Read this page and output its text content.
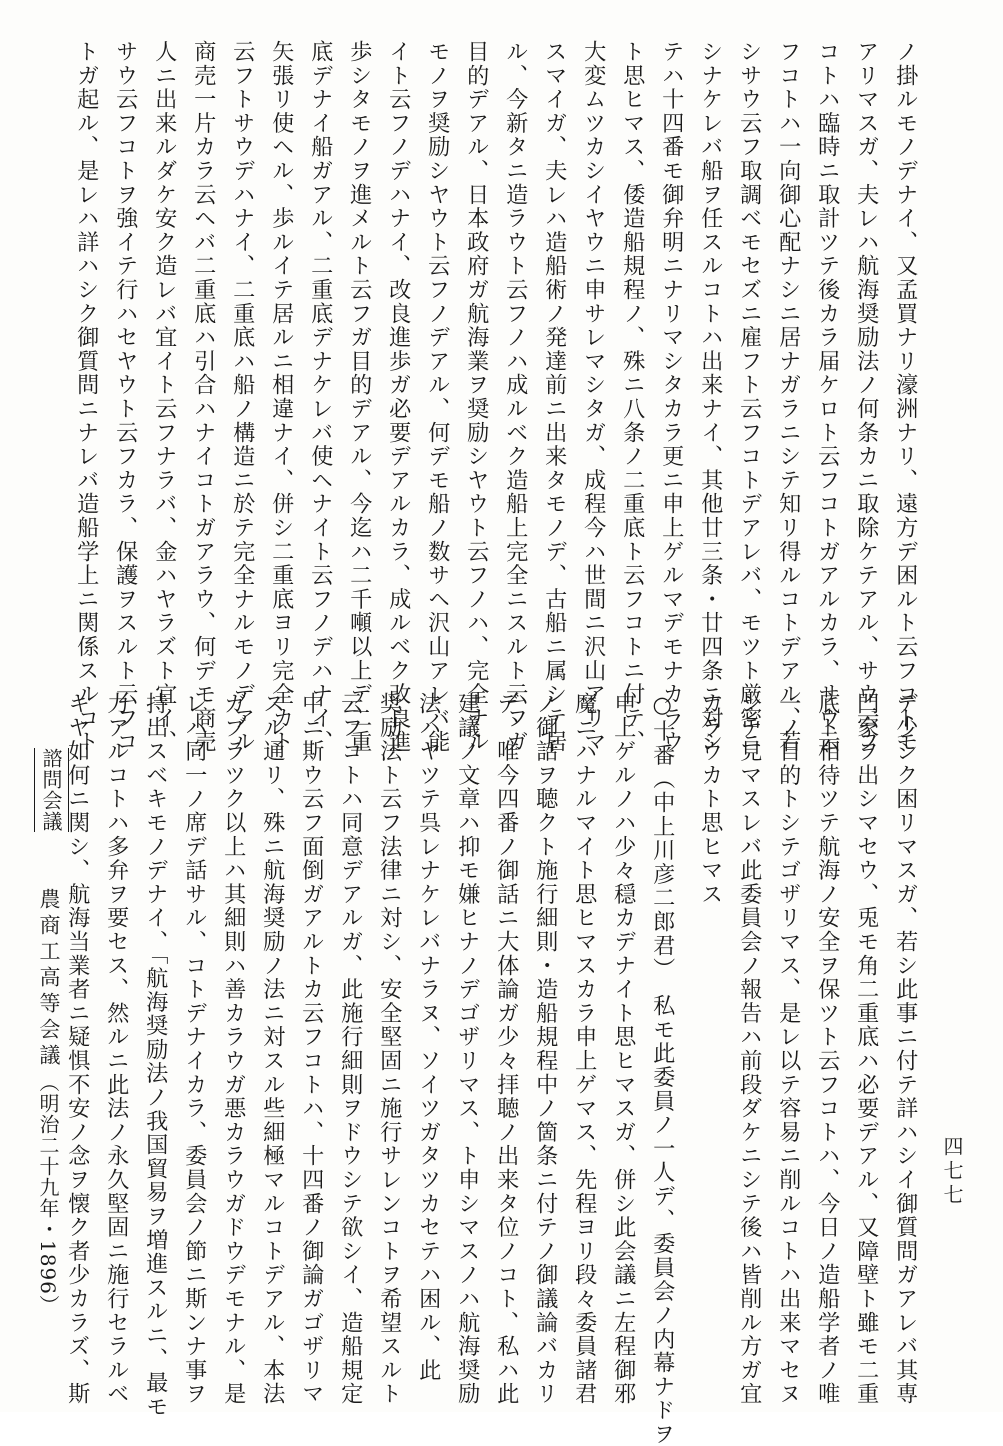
ノ掛ルモノデナイ、又孟買ナリ濠洲ナリ、遠方デ困ルト云フコトモ
アリマスガ、夫レハ航海奨励法ノ何条カニ取除ケテアル、サウ云フ
コトハ臨時ニ取計ツテ後カラ届ケロト云フコトガアルカラ、サウ云
フコトハ一向御心配ナシニ居ナガラニシテ知リ得ルコトデアル、若
シサウ云フ取調ベモセズニ雇フト云フコトデアレバ、モツト厳密ニ
シナケレバ船ヲ任スルコトハ出来ナイ、其他廿三条・廿四条ニ対シ
テハ十四番モ御弁明ニナリマシタカラ更ニ申上ゲルマデモナカラウ
ト思ヒマス、倭造船規程ノ、殊ニ八条ノ二重底ト云フコトニ付テ、
大変ムツカシイヤウニ申サレマシタガ、成程今ハ世間ニ沢山アリマ
スマイガ、夫レハ造船術ノ発達前ニ出来タモノデ、古船ニ属シテ居
ル、今新タニ造ラウト云フノハ成ルベク造船上完全ニスルト云フガ
目的デアル、日本政府ガ航海業ヲ奨励シヤウト云フノハ、完全ナル
モノヲ奨励シヤウト云フノデアル、何デモ船ノ数サヘ沢山アレバ能
イト云フノデハナイ、改良進歩ガ必要デアルカラ、成ルベク改良進
歩シタモノヲ進メルト云フガ目的デアル、今迄ハ二千噸以上デ二重
底デナイ船ガアル、二重底デナケレバ使ヘナイト云フノデハナイ、
矢張リ使ヘル、歩ルイテ居ルニ相違ナイ、併シ二重底ヨリ完全カト
云フトサウデハナイ、二重底ハ船ノ構造ニ於テ完全ナルモノデアル
商売一片カラ云ヘバ二重底ハ引合ハナイコトガアラウ、何デモ商売
人ニ出来ルダケ安ク造レバ宜イト云フナラバ、金ハヤラズト宜イ、
サウ云フコトヲ強イテ行ハセヤウト云フカラ、保護ヲスルト云フコ
トガ起ル、是レハ詳ハシク御質問ニナレバ造船学上ニ関係スルコト
デ少シク困リマスガ、若シ此事ニ付テ詳ハシイ御質問ガアレバ其専
門家ヲ出シマセウ、兎モ角二重底ハ必要デアル、又障壁ト雖モ二重
底ト相待ツテ航海ノ安全ヲ保ツト云フコトハ、今日ノ造船学者ノ唯
一ノ目的トシテゴザリマス、是レ以テ容易ニ削ルコトハ出来マセヌ
シテ見マスレバ此委員会ノ報告ハ前段ダケニシテ後ハ皆削ル方ガ宜
カラウカト思ヒマス
○十番（中上川彦二郎君）　私モ此委員ノ一人デ、委員会ノ内幕ナドヲ
申上ゲルノハ少々穏カデナイト思ヒマスガ、併シ此会議ニ左程御邪
魔ニハナルマイト思ヒマスカラ申上ゲマス、先程ヨリ段々委員諸君
ノ御話ヲ聴クト施行細則・造船規程中ノ箇条ニ付テノ御議論バカリ
デ、唯今四番ノ御話ニ大体論ガ少々拝聴ノ出来タ位ノコト、私ハ此
建議ノ文章ハ抑モ嫌ヒナノデゴザリマス、ト申シマスノハ航海奨励
法ハヤツテ呉レナケレバナラヌ、ソイツガタツカセテハ困ル、此
奨励法ト云フ法律ニ対シ、安全堅固ニ施行サレンコトヲ希望スルト
云フコトハ同意デアルガ、此施行細則ヲドウシテ欲シイ、造船規定
中ニ斯ウ云フ面倒ガアルトカ云フコトハ、十四番ノ御論ガゴザリマ
スル通リ、殊ニ航海奨励ノ法ニ対スル些細極マルコトデアル、本法
ガブラツク以上ハ其細則ハ善カラウガ悪カラウガドウデモナル、是
レハ同一ノ席デ話サル、コトデナイカラ、委員会ノ節ニ斯ンナ事ヲ
持出スベキモノデナイ、「航海奨励法ノ我国貿易ヲ増進スルニ、最モ
力アルコトハ多弁ヲ要セス、然ルニ此法ノ永久堅固ニ施行セラルベ
キヤ如何ニ関シ、航海当業者ニ疑惧不安ノ念ヲ懐ク者少カラズ、斯
諮問会議
農商工高等会議
（明治二十九年・1896）	四七七
